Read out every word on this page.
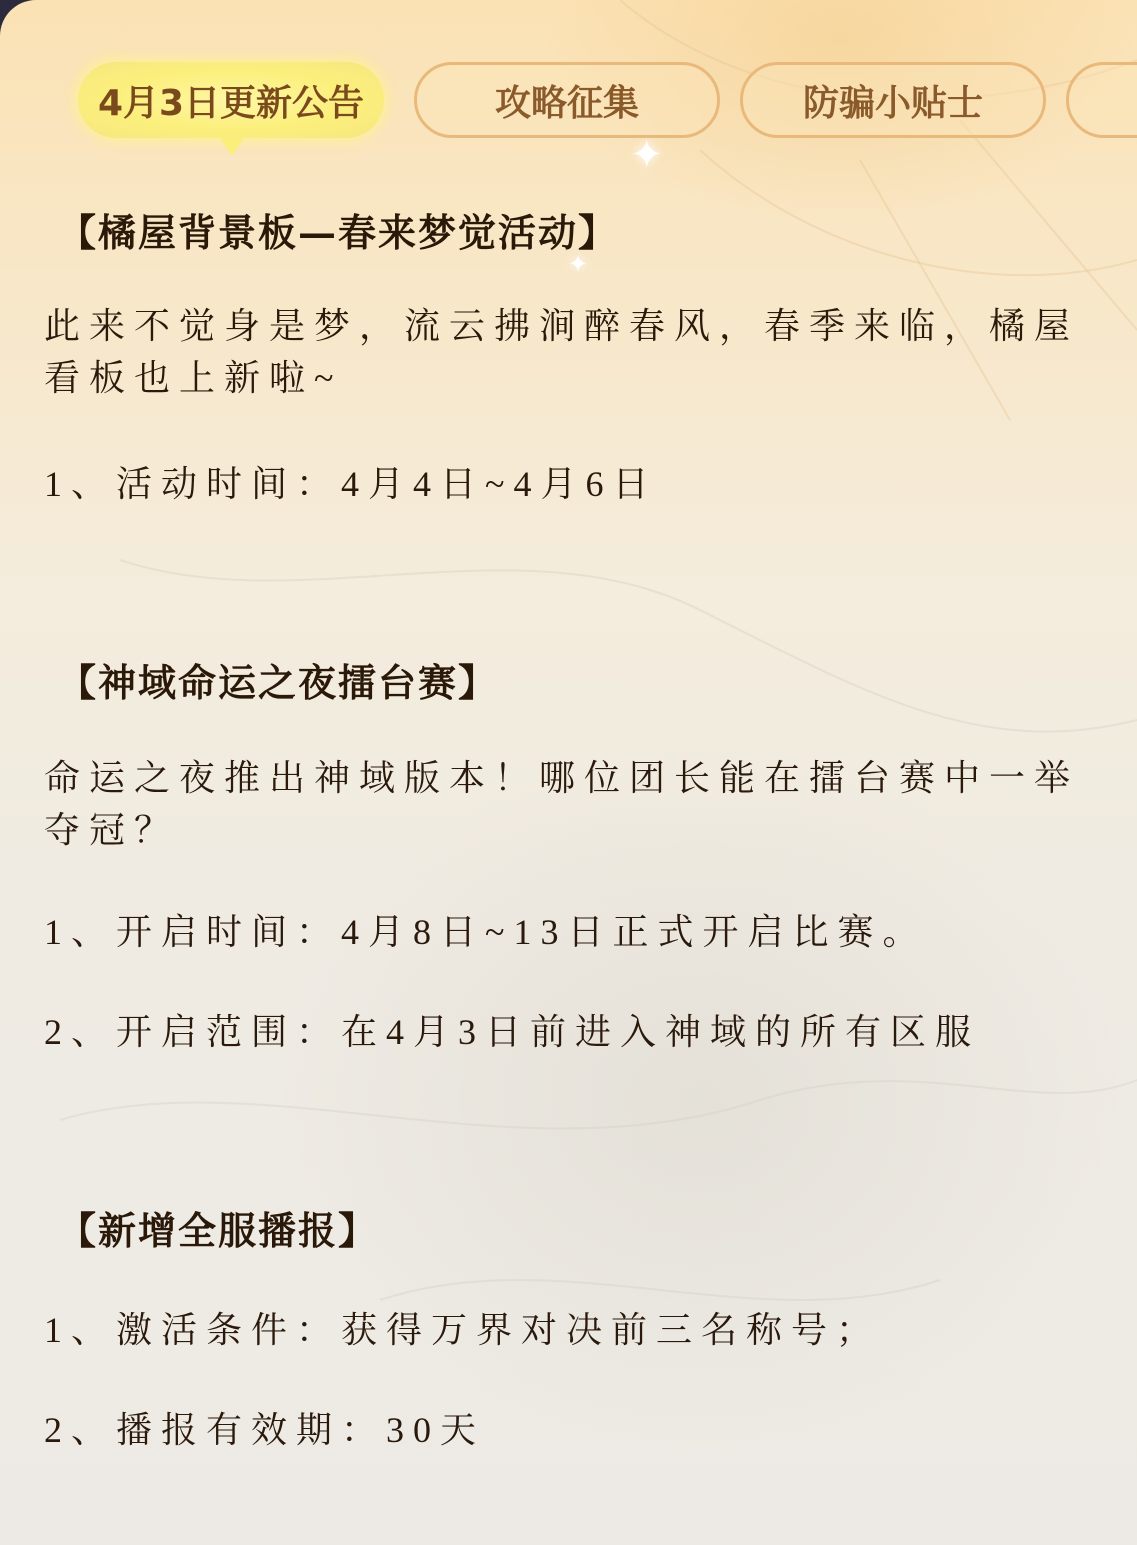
4月3日更新公告	攻略征集	防骗小贴士
✦
✦
【橘屋背景板—春来梦觉活动】
此来不觉身是梦，流云拂涧醉春风，春季来临，橘屋看板也上新啦~
1、活动时间：4月4日~4月6日
【神域命运之夜擂台赛】
命运之夜推出神域版本！哪位团长能在擂台赛中一举夺冠？
1、开启时间：4月8日~13日正式开启比赛。
2、开启范围：在4月3日前进入神域的所有区服
【新增全服播报】
1、激活条件：获得万界对决前三名称号；
2、播报有效期：30天
